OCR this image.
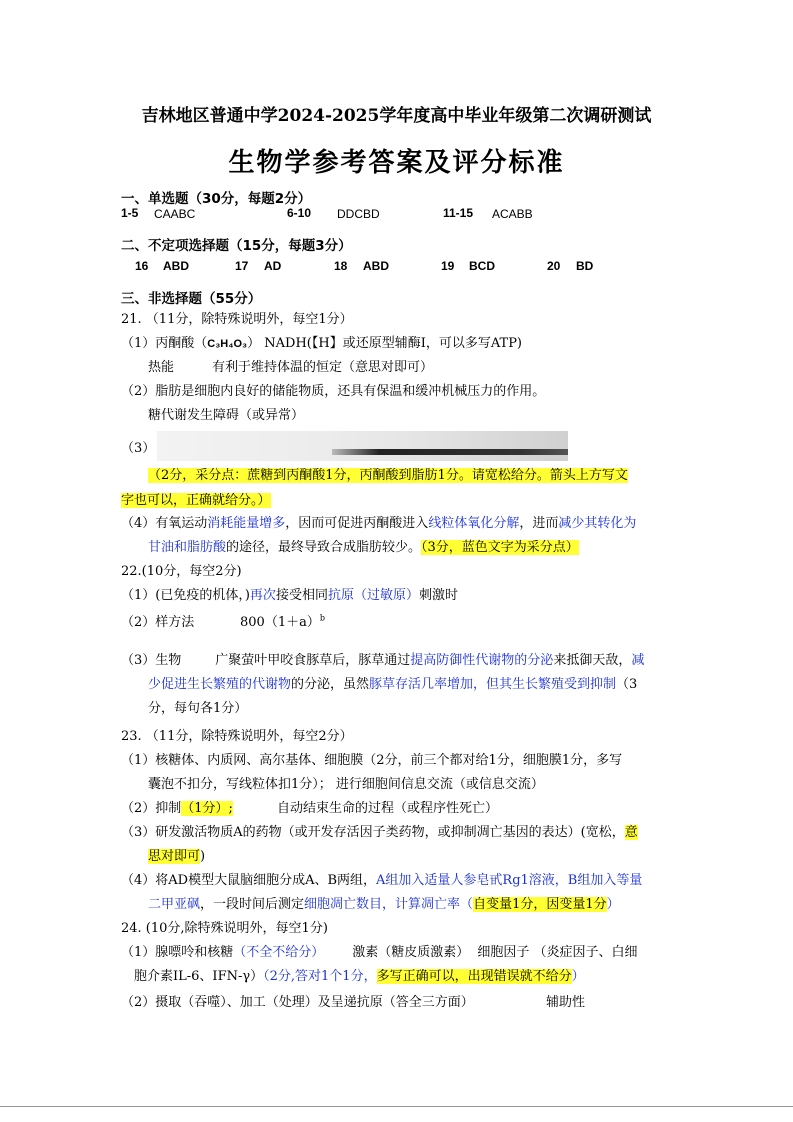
吉林地区普通中学2024-2025学年度高中毕业年级第二次调研测试
生物学参考答案及评分标准
一、单选题（30分，每题2分）
1-5 CAABC	6-10 DDCBD	11-15 ACABB
二、不定项选择题（15分，每题3分）
16 ABD	17 AD	18 ABD	19 BCD	20 BD
三、非选择题（55分）
21. （11分，除特殊说明外，每空1分）
（1）丙酮酸（C₃H₄O₃） NADH(【H】或还原型辅酶Ⅰ，可以多写ATP)
热能	有利于维持体温的恒定（意思对即可）
（2）脂肪是细胞内良好的储能物质，还具有保温和缓冲机械压力的作用。
糖代谢发生障碍（或异常）
（3）
（2分，采分点：蔗糖到丙酮酸1分，丙酮酸到脂肪1分。请宽松给分。箭头上方写文
字也可以，正确就给分。）
（4）有氧运动消耗能量增多，因而可促进丙酮酸进入线粒体氧化分解，进而减少其转化为
甘油和脂肪酸的途径，最终导致合成脂肪较少。（3分，蓝色文字为采分点）
22.(10分，每空2分)
（1）(已免疫的机体，)再次接受相同抗原（过敏原）刺激时
（2）样方法	$800(1+a)^b$
（3）生物	广聚萤叶甲咬食豚草后，豚草通过提高防御性代谢物的分泌来抵御天敌，减
少促进生长繁殖的代谢物的分泌，虽然豚草存活几率增加，但其生长繁殖受到抑制（3
分，每句各1分）
23. （11分，除特殊说明外，每空2分）
（1）核糖体、内质网、高尔基体、细胞膜（2分，前三个都对给1分，细胞膜1分，多写
囊泡不扣分，写线粒体扣1分）； 进行细胞间信息交流（或信息交流）
（2）抑制（1分）;	自动结束生命的过程（或程序性死亡）
（3）研发激活物质A的药物（或开发存活因子类药物，或抑制凋亡基因的表达）(宽松，意
思对即可)
（4）将AD模型大鼠脑细胞分成A、B两组，A组加入适量人参皂甙Rg1溶液，B组加入等量
二甲亚砜，一段时间后测定细胞凋亡数目，计算凋亡率（自变量1分，因变量1分）
24. (10分,除特殊说明外，每空1分)
（1）腺嘌呤和核糖（不全不给分） 激素（糖皮质激素） 细胞因子 （炎症因子、白细
胞介素IL-6、IFN-γ）（2分,答对1个1分，多写正确可以，出现错误就不给分）
（2）摄取（吞噬）、加工（处理）及呈递抗原（答全三方面）	辅助性
